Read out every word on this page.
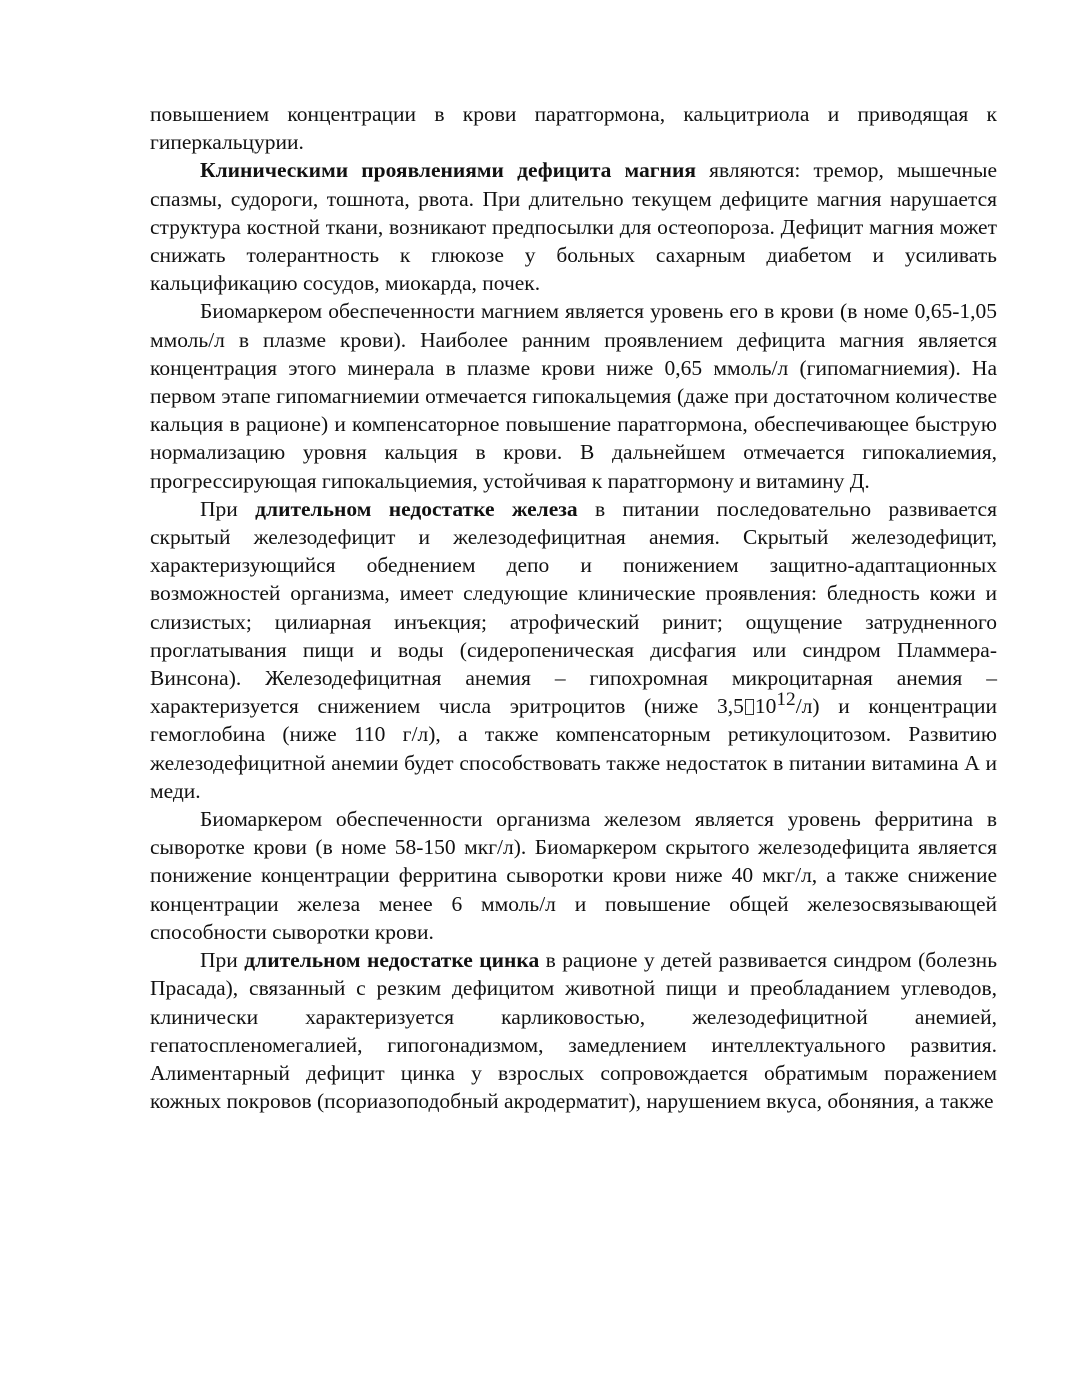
повышением концентрации в крови паратгормона, кальцитриола и приводящая к гиперкальцурии.

Клиническими проявлениями дефицита магния являются: тремор, мышечные спазмы, судороги, тошнота, рвота. При длительно текущем дефиците магния нарушается структура костной ткани, возникают предпосылки для остеопороза. Дефицит магния может снижать толерантность к глюкозе у больных сахарным диабетом и усиливать кальцификацию сосудов, миокарда, почек.

Биомаркером обеспеченности магнием является уровень его в крови (в номе 0,65-1,05 ммоль/л в плазме крови). Наиболее ранним проявлением дефицита магния является концентрация этого минерала в плазме крови ниже 0,65 ммоль/л (гипомагниемия). На первом этапе гипомагниемии отмечается гипокальцемия (даже при достаточном количестве кальция в рационе) и компенсаторное повышение паратгормона, обеспечивающее быструю нормализацию уровня кальция в крови. В дальнейшем отмечается гипокалиемия, прогрессирующая гипокальциемия, устойчивая к паратгормону и витамину Д.

При длительном недостатке железа в питании последовательно развивается скрытый железодефицит и железодефицитная анемия. Скрытый железодефицит, характеризующийся обеднением депо и понижением защитно-адаптационных возможностей организма, имеет следующие клинические проявления: бледность кожи и слизистых; цилиарная инъекция; атрофический ринит; ощущение затрудненного проглатывания пищи и воды (сидеропеническая дисфагия или синдром Пламмера-Винсона). Железодефицитная анемия – гипохромная микроцитарная анемия – характеризуется снижением числа эритроцитов (ниже 3,5 $10^{12}/л$) и концентрации гемоглобина (ниже 110 г/л), а также компенсаторным ретикулоцитозом. Развитию железодефицитной анемии будет способствовать также недостаток в питании витамина А и меди.

Биомаркером обеспеченности организма железом является уровень ферритина в сыворотке крови (в номе 58-150 мкг/л). Биомаркером скрытого железодефицита является понижение концентрации ферритина сыворотки крови ниже 40 мкг/л, а также снижение концентрации железа менее 6 ммоль/л и повышение общей железосвязывающей способности сыворотки крови.

При длительном недостатке цинка в рационе у детей развивается синдром (болезнь Прасада), связанный с резким дефицитом животной пищи и преобладанием углеводов, клинически характеризуется карликовостью, железодефицитной анемией, гепатоспленомегалией, гипогонадизмом, замедлением интеллектуального развития. Алиментарный дефицит цинка у взрослых сопровождается обратимым поражением кожных покровов (псориазоподобный акродерматит), нарушением вкуса, обоняния, а также
